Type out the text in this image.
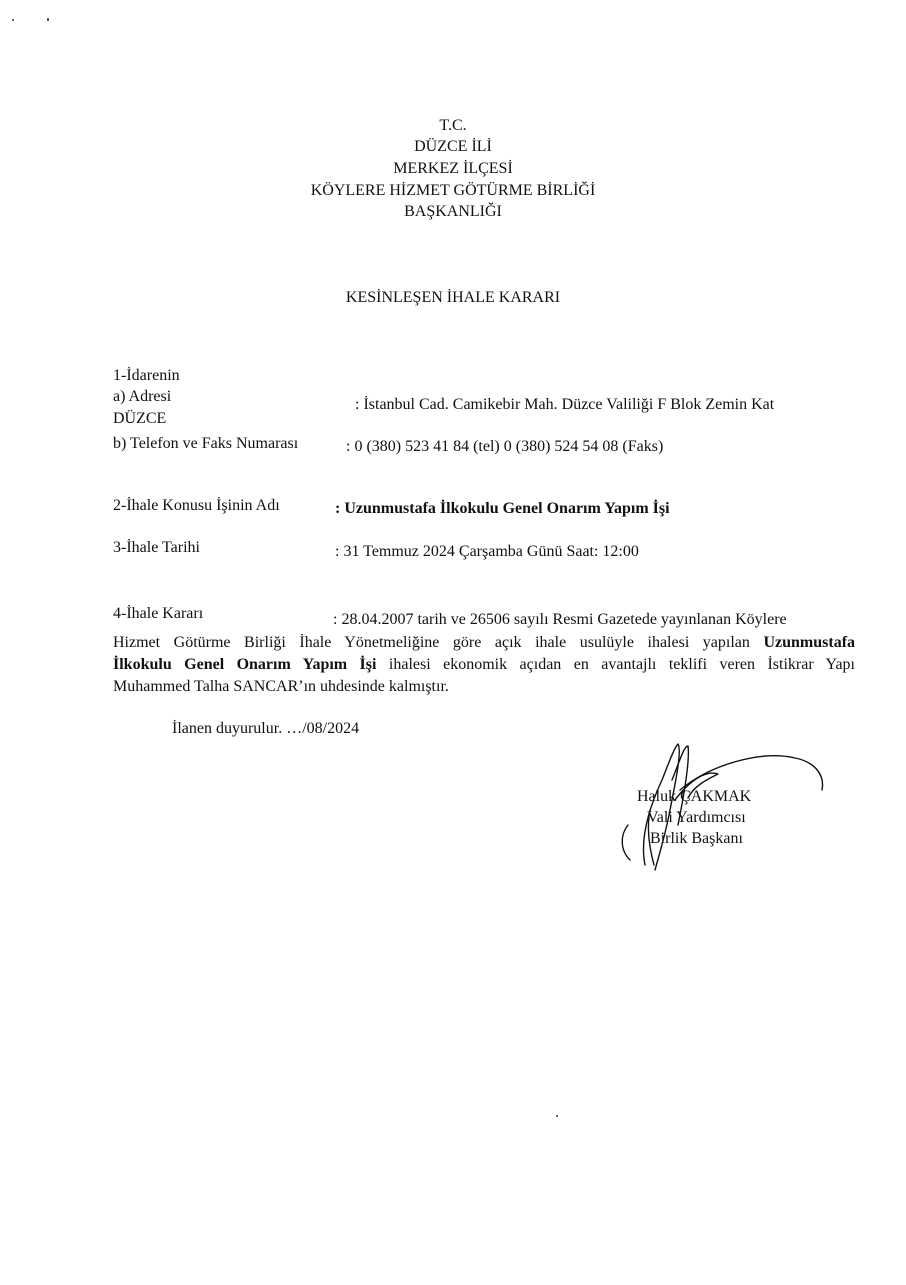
T.C.
DÜZCE İLİ
MERKEZ İLÇESİ
KÖYLERE HİZMET GÖTÜRME BİRLİĞİ
BAŞKANLIĞI
KESİNLEŞEN İHALE KARARI
1-İdarenin
a) Adresi	: İstanbul Cad. Camikebir Mah. Düzce Valiliği F Blok Zemin Kat
DÜZCE
b) Telefon ve Faks Numarası	: 0 (380) 523 41 84 (tel) 0 (380) 524 54 08 (Faks)
2-İhale Konusu İşinin Adı	: Uzunmustafa İlkokulu Genel Onarım Yapım İşi
3-İhale Tarihi	: 31 Temmuz 2024 Çarşamba Günü Saat: 12:00
4-İhale Kararı	: 28.04.2007 tarih ve 26506 sayılı Resmi Gazetede yayınlanan Köylere
Hizmet Götürme Birliği İhale Yönetmeliğine göre açık ihale usulüyle ihalesi yapılan Uzunmustafa
İlkokulu Genel Onarım Yapım İşi ihalesi ekonomik açıdan en avantajlı teklifi veren İstikrar Yapı
Muhammed Talha SANCAR’ın uhdesinde kalmıştır.
İlanen duyurulur. …/08/2024
Haluk ÇAKMAK
Vali Yardımcısı
Birlik Başkanı
